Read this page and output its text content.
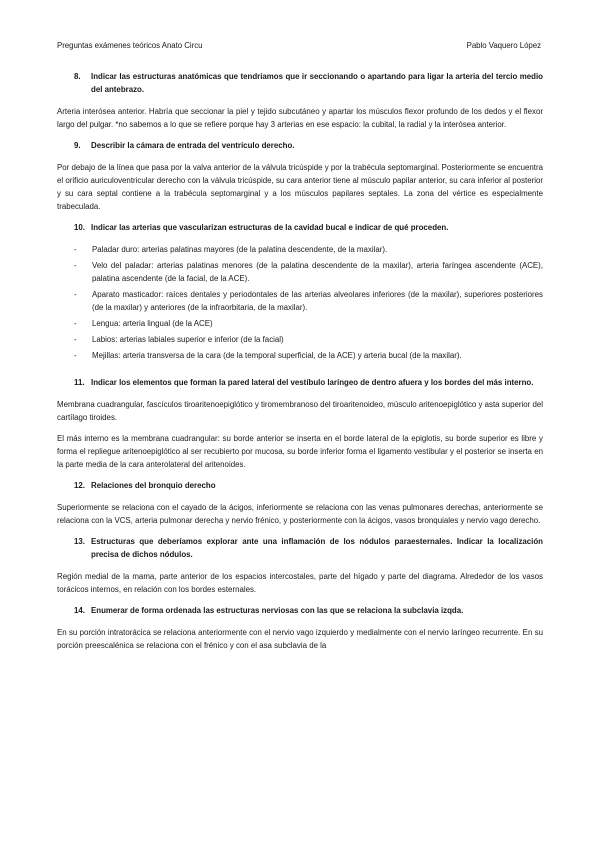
Preguntas exámenes teóricos Anato Circu	Pablo Vaquero López
8.	Indicar las estructuras anatómicas que tendríamos que ir seccionando o apartando para ligar la arteria del tercio medio del antebrazo.

Arteria interósea anterior. Habría que seccionar la piel y tejido subcutáneo y apartar los músculos flexor profundo de los dedos y el flexor largo del pulgar. *no sabemos a lo que se refiere porque hay 3 arterias en ese espacio: la cubital, la radial y la interósea anterior.

9.	Describir la cámara de entrada del ventrículo derecho.

Por debajo de la línea que pasa por la valva anterior de la válvula tricúspide y por la trabécula septomarginal. Posteriormente se encuentra el orificio auriculoventricular derecho con la válvula tricúspide, su cara anterior tiene al músculo papilar anterior, su cara inferior al posterior y su cara septal contiene a la trabécula septomarginal y a los músculos papilares septales. La zona del vértice es especialmente trabeculada.

10. Indicar las arterias que vascularizan estructuras de la cavidad bucal e indicar de qué proceden.
-	Paladar duro: arterias palatinas mayores (de la palatina descendente, de la maxilar).
-	Velo del paladar: arterias palatinas menores (de la palatina descendente de la maxilar), arteria faríngea ascendente (ACE), palatina ascendente (de la facial, de la ACE).
-	Aparato masticador: raíces dentales y periodontales de las arterias alveolares inferiores (de la maxilar), superiores posteriores (de la maxilar) y anteriores (de la infraorbitaria, de la maxilar).
-	Lengua: arteria lingual (de la ACE)
-	Labios: arterias labiales superior e inferior (de la facial)
-	Mejillas: arteria transversa de la cara (de la temporal superficial, de la ACE) y arteria bucal (de la maxilar).
11. Indicar los elementos que forman la pared lateral del vestíbulo laríngeo de dentro afuera y los bordes del más interno.

Membrana cuadrangular, fascículos tiroaritenoepiglótico y tiromembranoso del tiroaritenoideo, músculo aritenoepiglótico y asta superior del cartílago tiroides.

El más interno es la membrana cuadrangular: su borde anterior se inserta en el borde lateral de la epiglotis, su borde superior es libre y forma el repliegue aritenoepiglótico al ser recubierto por mucosa, su borde inferior forma el ligamento vestibular y el posterior se inserta en la parte media de la cara anterolateral del aritenoides.

12. Relaciones del bronquio derecho

Superiormente se relaciona con el cayado de la ácigos, inferiormente se relaciona con las venas pulmonares derechas, anteriormente se relaciona con la VCS, arteria pulmonar derecha y nervio frénico, y posteriormente con la ácigos, vasos bronquiales y nervio vago derecho.

13. Estructuras que deberíamos explorar ante una inflamación de los nódulos paraesternales. Indicar la localización precisa de dichos nódulos.

Región medial de la mama, parte anterior de los espacios intercostales, parte del hígado y parte del diagrama. Alrededor de los vasos torácicos internos, en relación con los bordes esternales.

14. Enumerar de forma ordenada las estructuras nerviosas con las que se relaciona la subclavia izqda.

En su porción intratorácica se relaciona anteriormente con el nervio vago izquierdo y medialmente con el nervio laríngeo recurrente. En su porción preescalénica se relaciona con el frénico y con el asa subclavia de la
